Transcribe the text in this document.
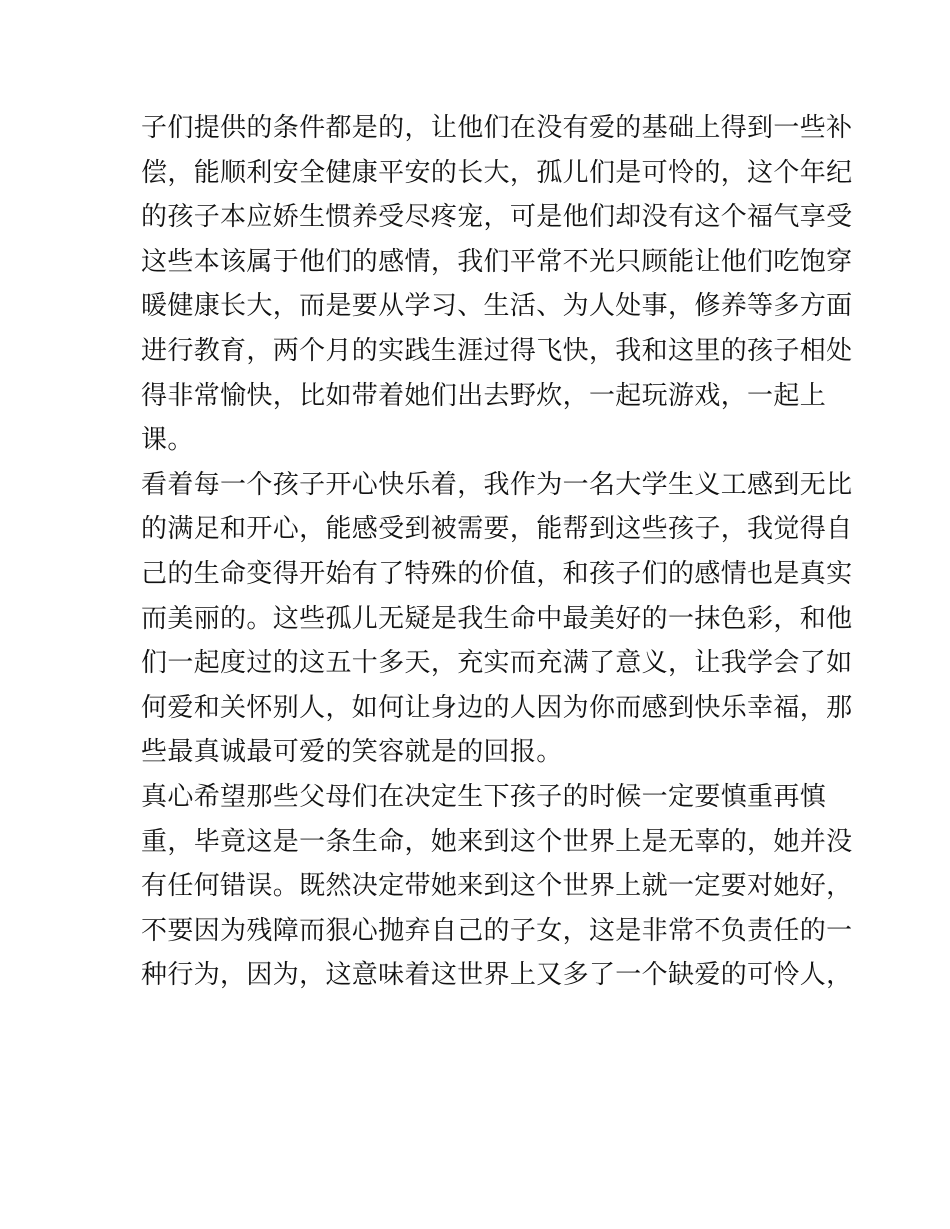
子们提供的条件都是的，让他们在没有爱的基础上得到一些补
偿，能顺利安全健康平安的长大，孤儿们是可怜的，这个年纪
的孩子本应娇生惯养受尽疼宠，可是他们却没有这个福气享受
这些本该属于他们的感情，我们平常不光只顾能让他们吃饱穿
暖健康长大，而是要从学习、生活、为人处事，修养等多方面
进行教育，两个月的实践生涯过得飞快，我和这里的孩子相处
得非常愉快，比如带着她们出去野炊，一起玩游戏，一起上
课。
看着每一个孩子开心快乐着，我作为一名大学生义工感到无比
的满足和开心，能感受到被需要，能帮到这些孩子，我觉得自
己的生命变得开始有了特殊的价值，和孩子们的感情也是真实
而美丽的。这些孤儿无疑是我生命中最美好的一抹色彩，和他
们一起度过的这五十多天，充实而充满了意义，让我学会了如
何爱和关怀别人，如何让身边的人因为你而感到快乐幸福，那
些最真诚最可爱的笑容就是的回报。
真心希望那些父母们在决定生下孩子的时候一定要慎重再慎
重，毕竟这是一条生命，她来到这个世界上是无辜的，她并没
有任何错误。既然决定带她来到这个世界上就一定要对她好，
不要因为残障而狠心抛弃自己的子女，这是非常不负责任的一
种行为，因为，这意味着这世界上又多了一个缺爱的可怜人，
